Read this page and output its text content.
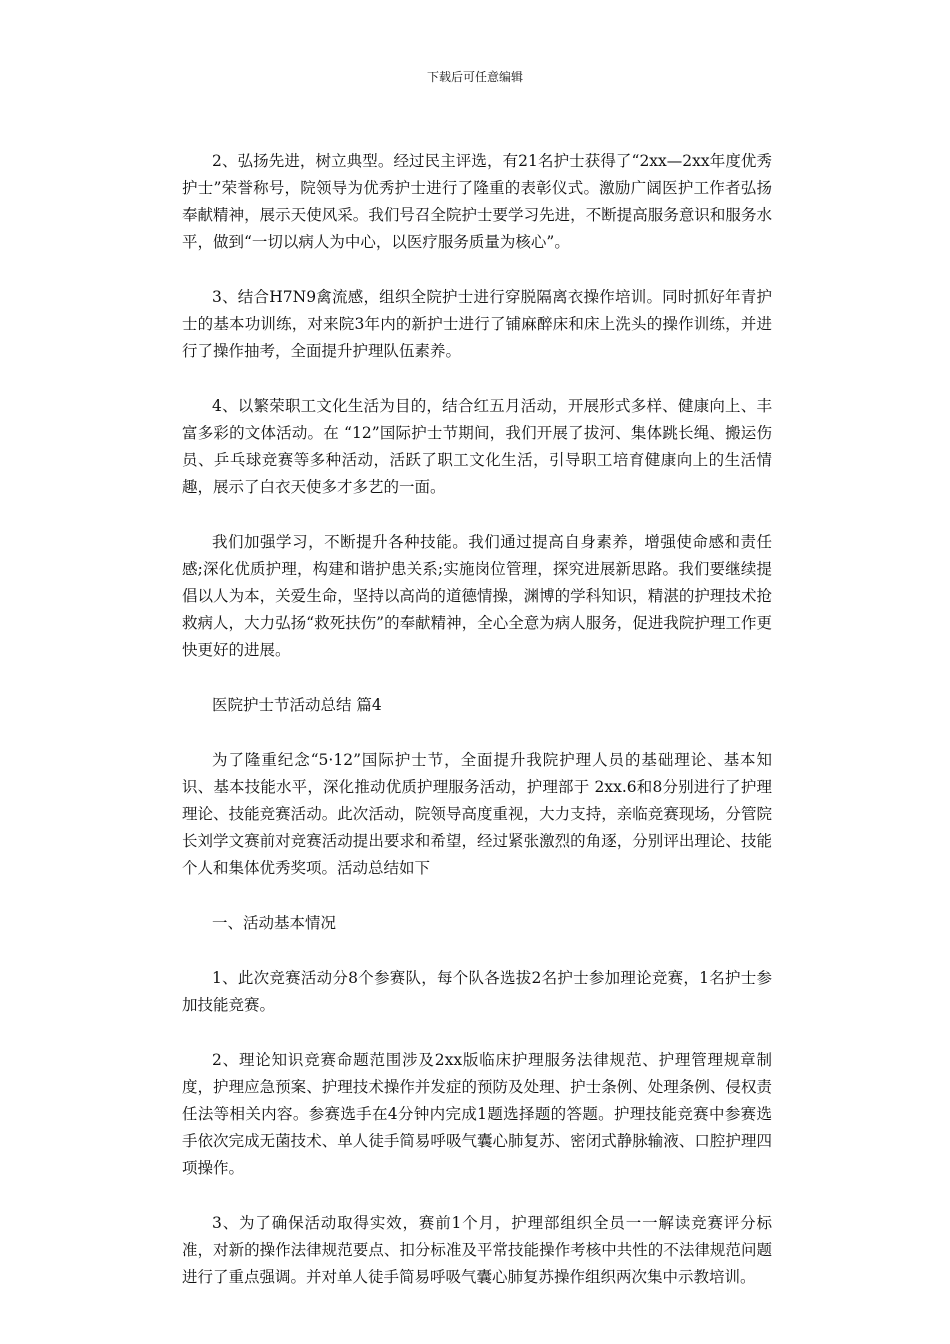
下载后可任意编辑

2、弘扬先进，树立典型。经过民主评选，有21名护士获得了“2xx—2xx年度优秀护士”荣誉称号，院领导为优秀护士进行了隆重的表彰仪式。激励广阔医护工作者弘扬奉献精神，展示天使风采。我们号召全院护士要学习先进，不断提高服务意识和服务水平，做到“一切以病人为中心，以医疗服务质量为核心”。

3、结合H7N9禽流感，组织全院护士进行穿脱隔离衣操作培训。同时抓好年青护士的基本功训练，对来院3年内的新护士进行了铺麻醉床和床上洗头的操作训练，并进行了操作抽考，全面提升护理队伍素养。

4、以繁荣职工文化生活为目的，结合红五月活动，开展形式多样、健康向上、丰富多彩的文体活动。在 “12”国际护士节期间，我们开展了拔河、集体跳长绳、搬运伤员、乒乓球竞赛等多种活动，活跃了职工文化生活，引导职工培育健康向上的生活情趣，展示了白衣天使多才多艺的一面。

我们加强学习，不断提升各种技能。我们通过提高自身素养，增强使命感和责任感;深化优质护理，构建和谐护患关系;实施岗位管理，探究进展新思路。我们要继续提倡以人为本，关爱生命，坚持以高尚的道德情操，渊博的学科知识，精湛的护理技术抢救病人，大力弘扬“救死扶伤”的奉献精神，全心全意为病人服务，促进我院护理工作更快更好的进展。

医院护士节活动总结 篇4

为了隆重纪念“5·12”国际护士节，全面提升我院护理人员的基础理论、基本知识、基本技能水平，深化推动优质护理服务活动，护理部于 2xx.6和8分别进行了护理理论、技能竞赛活动。此次活动，院领导高度重视，大力支持，亲临竞赛现场，分管院长刘学文赛前对竞赛活动提出要求和希望，经过紧张激烈的角逐，分别评出理论、技能个人和集体优秀奖项。活动总结如下

一、活动基本情况

1、此次竞赛活动分8个参赛队，每个队各选拔2名护士参加理论竞赛，1名护士参加技能竞赛。

2、理论知识竞赛命题范围涉及2xx版临床护理服务法律规范、护理管理规章制度，护理应急预案、护理技术操作并发症的预防及处理、护士条例、处理条例、侵权责任法等相关内容。参赛选手在4分钟内完成1题选择题的答题。护理技能竞赛中参赛选手依次完成无菌技术、单人徒手简易呼吸气囊心肺复苏、密闭式静脉输液、口腔护理四项操作。

3、为了确保活动取得实效，赛前1个月，护理部组织全员一一解读竞赛评分标准，对新的操作法律规范要点、扣分标准及平常技能操作考核中共性的不法律规范问题进行了重点强调。并对单人徒手简易呼吸气囊心肺复苏操作组织两次集中示教培训。
